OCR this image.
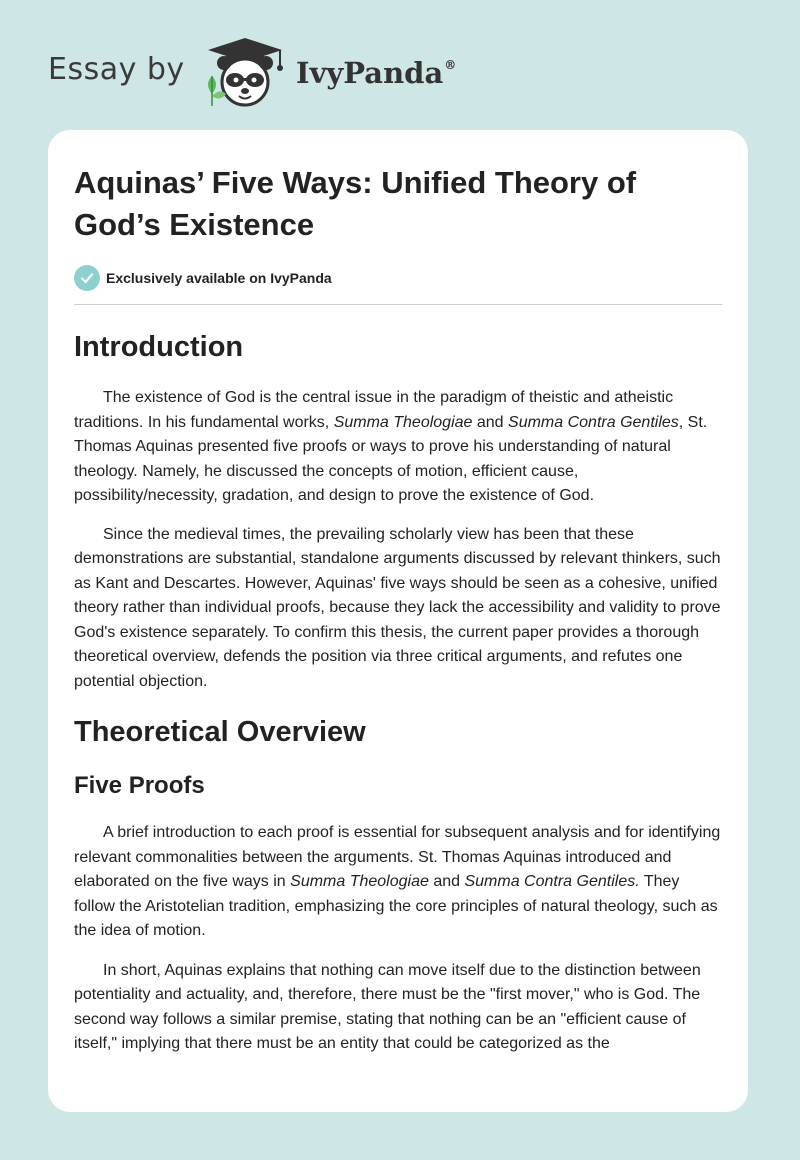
Essay by	IvyPanda®
Aquinas’ Five Ways: Unified Theory of God’s Existence
Exclusively available on IvyPanda
Introduction

The existence of God is the central issue in the paradigm of theistic and atheistic traditions. In his fundamental works, Summa Theologiae and Summa Contra Gentiles, St. Thomas Aquinas presented five proofs or ways to prove his understanding of natural theology. Namely, he discussed the concepts of motion, efficient cause, possibility/necessity, gradation, and design to prove the existence of God.

Since the medieval times, the prevailing scholarly view has been that these demonstrations are substantial, standalone arguments discussed by relevant thinkers, such as Kant and Descartes. However, Aquinas' five ways should be seen as a cohesive, unified theory rather than individual proofs, because they lack the accessibility and validity to prove God's existence separately. To confirm this thesis, the current paper provides a thorough theoretical overview, defends the position via three critical arguments, and refutes one potential objection.

Theoretical Overview
Five Proofs

A brief introduction to each proof is essential for subsequent analysis and for identifying relevant commonalities between the arguments. St. Thomas Aquinas introduced and elaborated on the five ways in Summa Theologiae and Summa Contra Gentiles. They follow the Aristotelian tradition, emphasizing the core principles of natural theology, such as the idea of motion.

In short, Aquinas explains that nothing can move itself due to the distinction between potentiality and actuality, and, therefore, there must be the "first mover," who is God. The second way follows a similar premise, stating that nothing can be an "efficient cause of itself," implying that there must be an entity that could be categorized as the
